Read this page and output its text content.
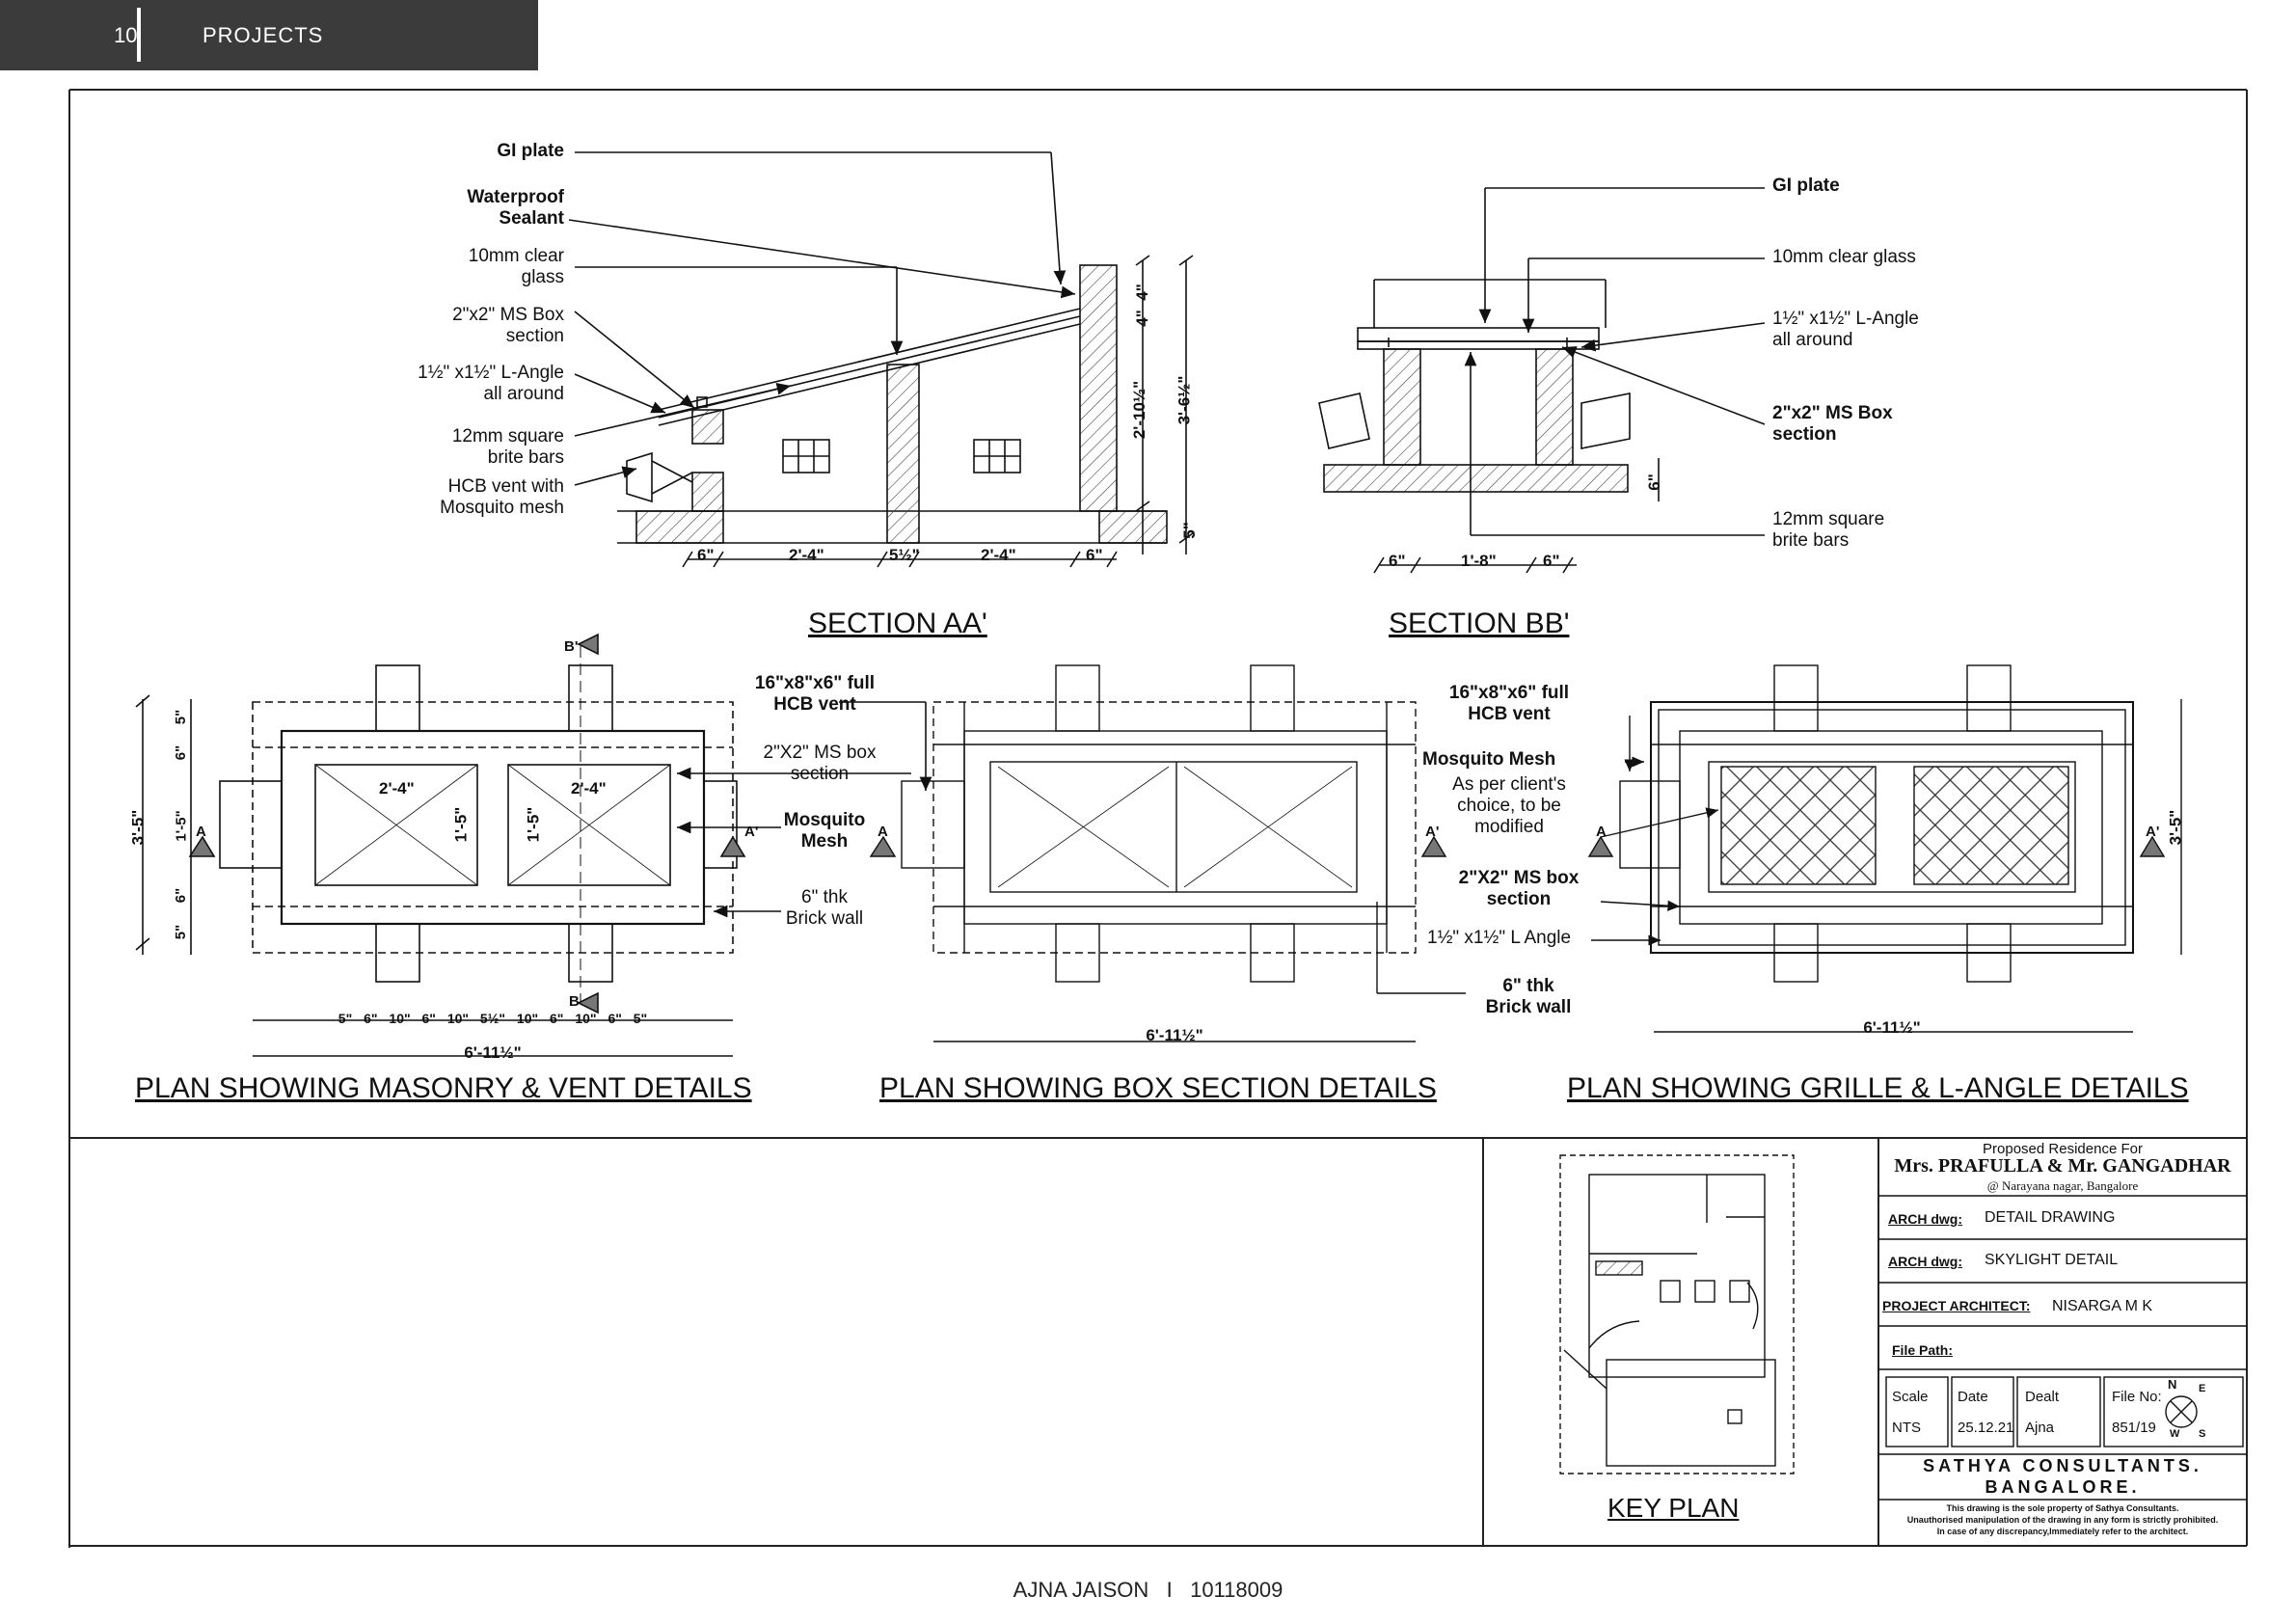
10	PROJECTS
GI plate
Waterproof
Sealant
10mm clear
glass
2"x2" MS Box
section
1½" x1½" L-Angle
all around
12mm square
brite bars
HCB vent with
Mosquito mesh
6"	2'-4"	5½"	2'-4"	6"
4"
4"
2'-10½" 3'-6½"
5"
SECTION AA'
GI plate
10mm clear glass
1½" x1½" L-Angle
all around
2"x2" MS Box
section
12mm square
brite bars
6"	1'-8"	6"
6"
SECTION BB'
16"x8"x6" full
HCB vent
2"X2" MS box
section
Mosquito
Mesh
6" thk
Brick wall
A	A'
B'
B
2'-4"	2'-4"
1'-5"	1'-5"
3'-5"
5"
6"
1'-5"
6"
5"
5" 6" 10" 6" 10" 5½" 10" 6" 10" 6" 5"
6'-11½"
PLAN SHOWING MASONRY & VENT DETAILS
A	A'
6'-11½"
PLAN SHOWING BOX SECTION DETAILS
16"x8"x6" full
HCB vent
Mosquito Mesh
As per client's
choice, to be
modified
2"X2" MS box
section
1½" x1½" L Angle
6" thk
Brick wall
A	A'
6'-11½"
3'-5"
PLAN SHOWING GRILLE & L-ANGLE DETAILS
KEY PLAN
Proposed Residence For
Mrs. PRAFULLA & Mr. GANGADHAR
@ Narayana nagar, Bangalore
ARCH dwg: DETAIL DRAWING
ARCH dwg: SKYLIGHT DETAIL
PROJECT ARCHITECT: NISARGA M K
File Path:
Scale
NTS
Date
25.12.21
Dealt
Ajna
File No:
851/19
N E
W S
SATHYA CONSULTANTS.
BANGALORE.
This drawing is the sole property of Sathya Consultants.
Unauthorised manipulation of the drawing in any form is strictly prohibited.
In case of any discrepancy,Immediately refer to the architect.
AJNA JAISON I 10118009
